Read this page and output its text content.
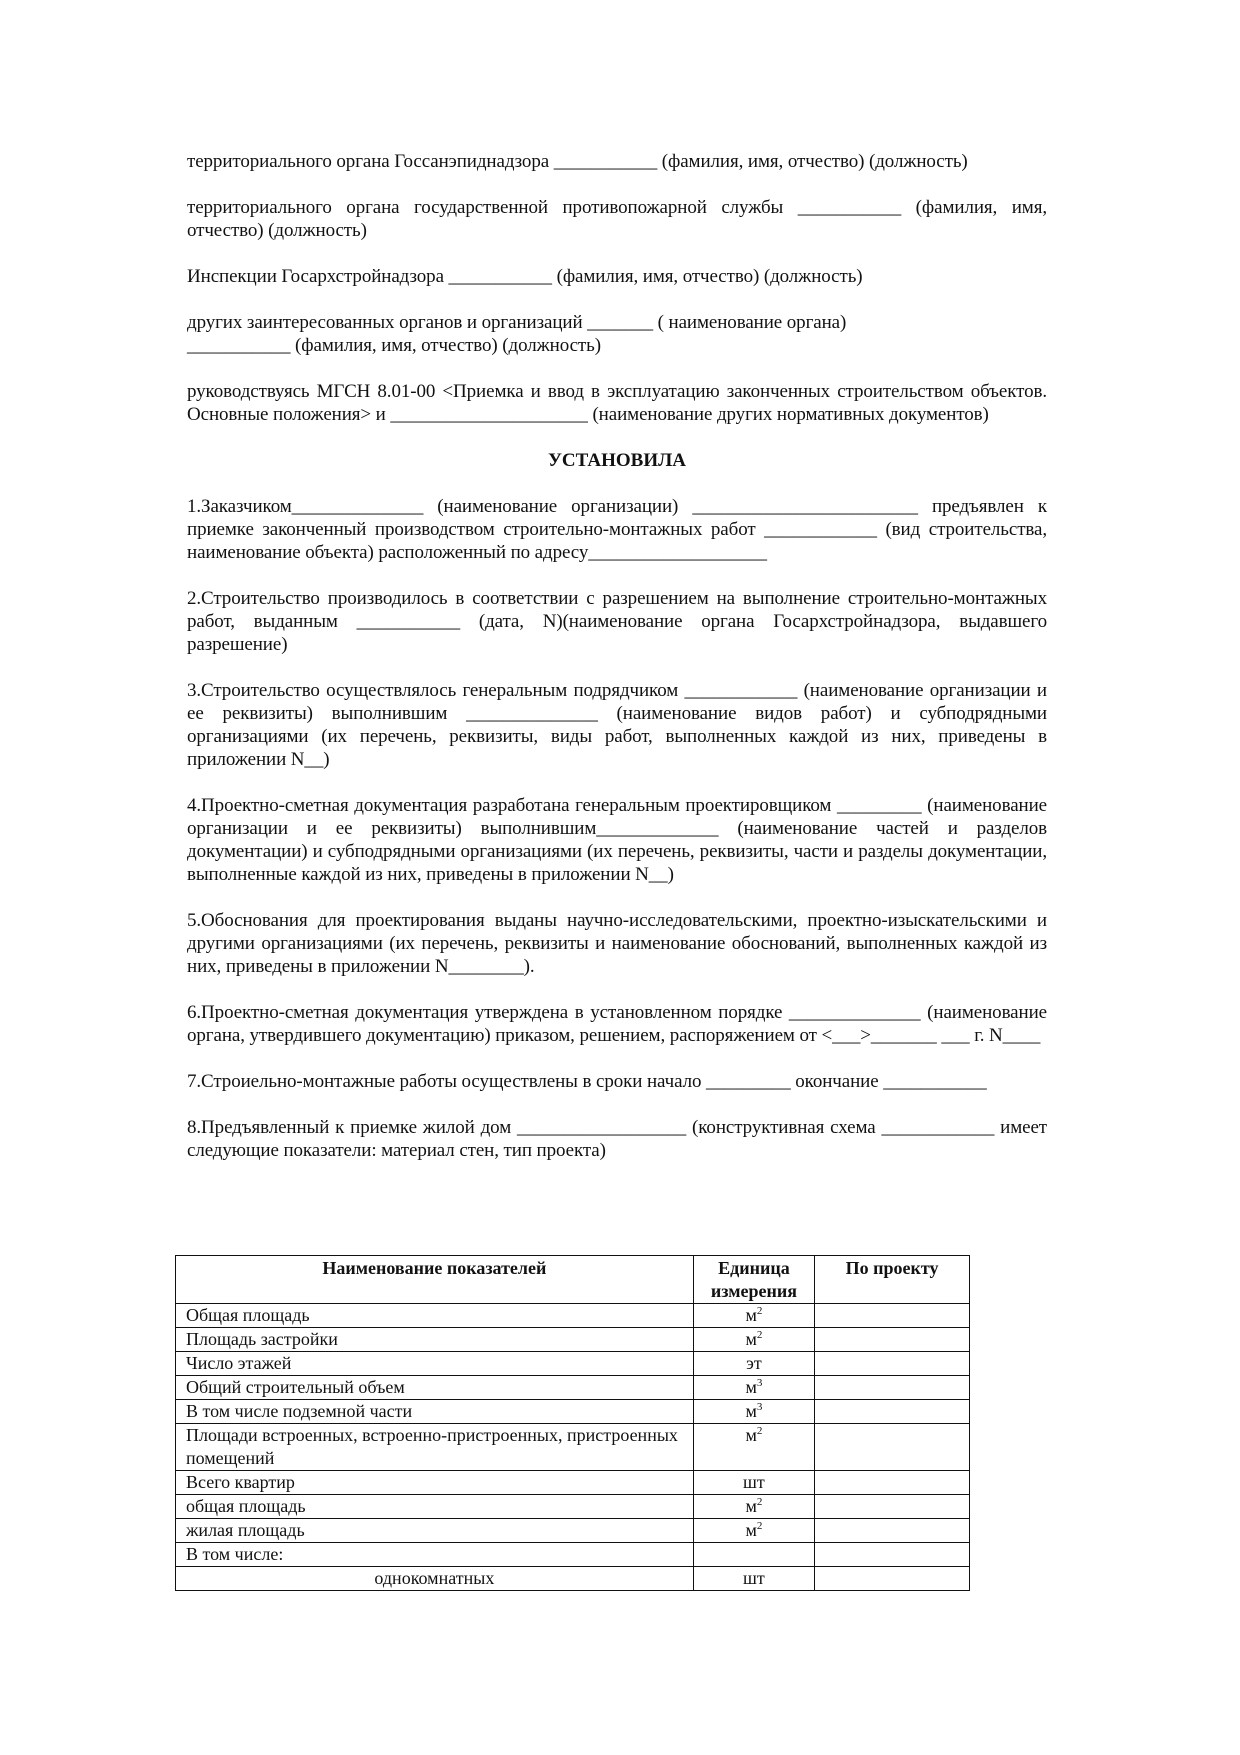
территориального органа Госсанэпиднадзора ___________ (фамилия, имя, отчество) (должность)

территориального органа государственной противопожарной службы ___________ (фамилия, имя, отчество) (должность)

Инспекции Госархстройнадзора ___________ (фамилия, имя, отчество) (должность)

других заинтересованных органов и организаций _______ ( наименование органа)
___________ (фамилия, имя, отчество) (должность)

руководствуясь МГСН 8.01-00 <Приемка и ввод в эксплуатацию законченных строительством объектов. Основные положения> и _____________________ (наименование других нормативных документов)

УСТАНОВИЛА

1.Заказчиком______________ (наименование организации) ________________________ предъявлен к приемке законченный производством строительно-монтажных работ ____________ (вид строительства, наименование объекта) расположенный по адресу___________________

2.Строительство производилось в соответствии с разрешением на выполнение строительно-монтажных работ, выданным ___________ (дата, N)(наименование органа Госархстройнадзора, выдавшего разрешение)

3.Строительство осуществлялось генеральным подрядчиком ____________ (наименование организации и ее реквизиты) выполнившим ______________ (наименование видов работ) и субподрядными организациями (их перечень, реквизиты, виды работ, выполненных каждой из них, приведены в приложении N__)

4.Проектно-сметная документация разработана генеральным проектировщиком _________ (наименование организации и ее реквизиты) выполнившим_____________ (наименование частей и разделов документации) и субподрядными организациями (их перечень, реквизиты, части и разделы документации, выполненные каждой из них, приведены в приложении N__)

5.Обоснования для проектирования выданы научно-исследовательскими, проектно-изыскательскими и другими организациями (их перечень, реквизиты и наименование обоснований, выполненных каждой из них, приведены в приложении N________).

6.Проектно-сметная документация утверждена в установленном порядке ______________ (наименование органа, утвердившего документацию) приказом, решением, распоряжением от <___>_______ ___ г. N____

7.Строиельно-монтажные работы осуществлены в сроки начало _________ окончание ___________

8.Предъявленный к приемке жилой дом __________________ (конструктивная схема ____________ имеет следующие показатели: материал стен, тип проекта)

Наименование показателей	Единица измерения	По проекту
Общая площадь	$м^2$	
Площадь застройки	$м^2$	
Число этажей	эт	
Общий строительный объем	$м^3$	
В том числе подземной части	$м^3$	
Площади встроенных, встроенно-пристроенных, пристроенных помещений	$м^2$	
Всего квартир	шт	
общая площадь	$м^2$	
жилая площадь	$м^2$	
В том числе:		
однокомнатных	шт	
